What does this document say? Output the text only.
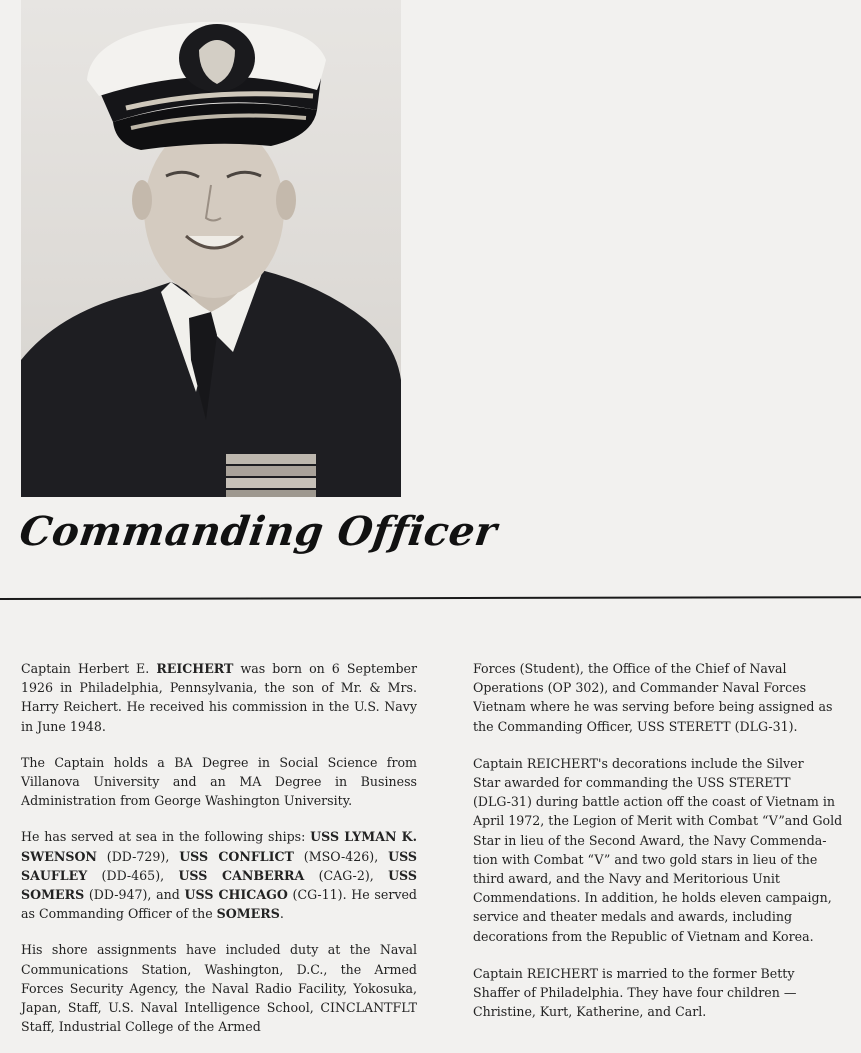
Commanding Officer

Captain Herbert E. REICHERT was born on 6 September 1926 in Philadelphia, Pennsylvania, the son of Mr. & Mrs. Harry Reichert. He received his commission in the U.S. Navy in June 1948.

The Captain holds a BA Degree in Social Science from Villanova University and an MA Degree in Business Administration from George Washington University.

He has served at sea in the following ships: USS LYMAN K. SWENSON (DD-729), USS CONFLICT (MSO-426), USS SAUFLEY (DD-465), USS CANBERRA (CAG-2), USS SOMERS (DD-947), and USS CHICAGO (CG-11). He served as Commanding Officer of the SOMERS.

His shore assignments have included duty at the Naval Communications Station, Washington, D.C., the Armed Forces Security Agency, the Naval Radio Facility, Yokosuka, Japan, Staff, U.S. Naval Intelligence School, CINCLANTFLT Staff, Industrial College of the Armed

Forces (Student), the Office of the Chief of Naval
Operations (OP 302), and Commander Naval Forces
Vietnam where he was serving before being assigned as
the Commanding Officer, USS STERETT (DLG-31).
Captain REICHERT's decorations include the Silver
Star awarded for commanding the USS STERETT
(DLG-31) during battle action off the coast of Vietnam in
April 1972, the Legion of Merit with Combat “V”and Gold
Star in lieu of the Second Award, the Navy Commenda-
tion with Combat “V” and two gold stars in lieu of the
third award, and the Navy and Meritorious Unit
Commendations. In addition, he holds eleven campaign,
service and theater medals and awards, including
decorations from the Republic of Vietnam and Korea.
Captain REICHERT is married to the former Betty
Shaffer of Philadelphia. They have four children —
Christine, Kurt, Katherine, and Carl.
